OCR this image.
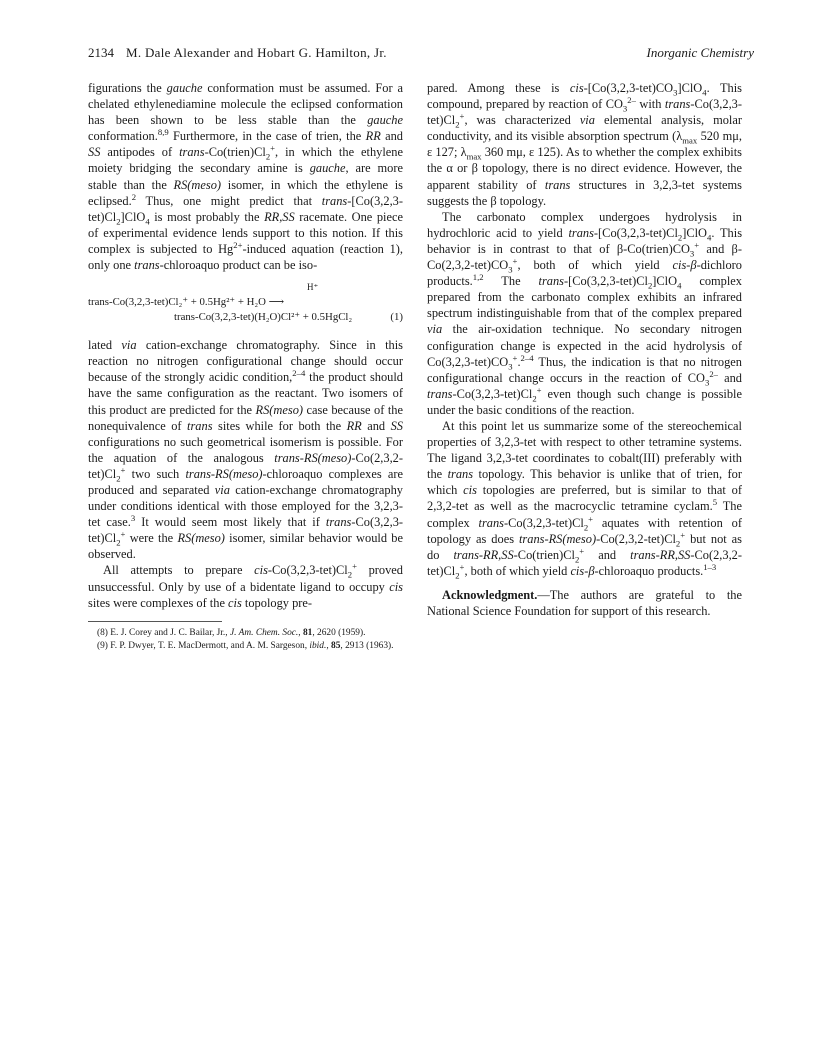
2134 M. Dale Alexander and Hobart G. Hamilton, Jr.	Inorganic Chemistry

figurations the gauche conformation must be assumed. For a chelated ethylenediamine molecule the eclipsed conformation has been shown to be less stable than the gauche conformation.$^{8,9}$ Furthermore, in the case of trien, the RR and SS antipodes of trans-$Co(trien)Cl_2^+$, in which the ethylene moiety bridging the secondary amine is gauche, are more stable than the RS(meso) isomer, in which the ethylene is eclipsed.$^2$ Thus, one might predict that trans-$[Co(3,2,3-tet)Cl_2]ClO_4$ is most probably the RR,SS racemate. One piece of experimental evidence lends support to this notion. If this complex is subjected to $Hg^{2+}$-induced aquation (reaction 1), only one trans-chloroaquo product can be iso-

H⁺
trans-Co(3,2,3-tet)Cl₂⁺ + 0.5Hg²⁺ + H₂O ⟶
trans-Co(3,2,3-tet)(H₂O)Cl²⁺ + 0.5HgCl₂	(1)

lated via cation-exchange chromatography. Since in this reaction no nitrogen configurational change should occur because of the strongly acidic condition,$^{2-4}$ the product should have the same configuration as the reactant. Two isomers of this product are predicted for the RS(meso) case because of the nonequivalence of trans sites while for both the RR and SS configurations no such geometrical isomerism is possible. For the aquation of the analogous trans-$RS(meso)-Co(2,3,2-tet)Cl_2^+$ two such trans-RS(meso)-chloroaquo complexes are produced and separated via cation-exchange chromatography under conditions identical with those employed for the 3,2,3-tet case.$^3$ It would seem most likely that if trans-$Co(3,2,3-tet)Cl_2^+$ were the RS(meso) isomer, similar behavior would be observed.

All attempts to prepare cis-$Co(3,2,3-tet)Cl_2^+$ proved unsuccessful. Only by use of a bidentate ligand to occupy cis sites were complexes of the cis topology pre-

(8) E. J. Corey and J. C. Bailar, Jr., J. Am. Chem. Soc., 81, 2620 (1959).

(9) F. P. Dwyer, T. E. MacDermott, and A. M. Sargeson, ibid., 85, 2913 (1963).

pared. Among these is cis-$[Co(3,2,3-tet)CO_3]ClO_4$. This compound, prepared by reaction of $CO_3^{2-}$ with trans-$Co(3,2,3-tet)Cl_2^+$, was characterized via elemental analysis, molar conductivity, and its visible absorption spectrum ($\lambda_{max}$ 520 mμ, ε 127; $\lambda_{max}$ 360 mμ, ε 125). As to whether the complex exhibits the α or β topology, there is no direct evidence. However, the apparent stability of trans structures in 3,2,3-tet systems suggests the β topology.

The carbonato complex undergoes hydrolysis in hydrochloric acid to yield trans-$[Co(3,2,3-tet)Cl_2]ClO_4$. This behavior is in contrast to that of $\beta-Co(trien)CO_3^+$ and $\beta-Co(2,3,2-tet)CO_3^+$, both of which yield cis-β-dichloro products.$^{1,2}$ The trans-$[Co(3,2,3-tet)Cl_2]ClO_4$ complex prepared from the carbonato complex exhibits an infrared spectrum indistinguishable from that of the complex prepared via the air-oxidation technique. No secondary nitrogen configuration change is expected in the acid hydrolysis of $Co(3,2,3-tet)CO_3^+.^{2-4}$ Thus, the indication is that no nitrogen configurational change occurs in the reaction of $CO_3^{2-}$ and trans-$Co(3,2,3-tet)Cl_2^+$ even though such change is possible under the basic conditions of the reaction.

At this point let us summarize some of the stereochemical properties of 3,2,3-tet with respect to other tetramine systems. The ligand 3,2,3-tet coordinates to cobalt(III) preferably with the trans topology. This behavior is unlike that of trien, for which cis topologies are preferred, but is similar to that of 2,3,2-tet as well as the macrocyclic tetramine cyclam.$^5$ The complex trans-$Co(3,2,3-tet)Cl_2^+$ aquates with retention of topology as does trans-$RS(meso)-Co(2,3,2-tet)Cl_2^+$ but not as do trans-$RR,SS-Co(trien)Cl_2^+$ and trans-$RR,SS-Co(2,3,2-tet)Cl_2^+$, both of which yield cis-β-chloroaquo products.$^{1-3}$

Acknowledgment.—The authors are grateful to the National Science Foundation for support of this research.
